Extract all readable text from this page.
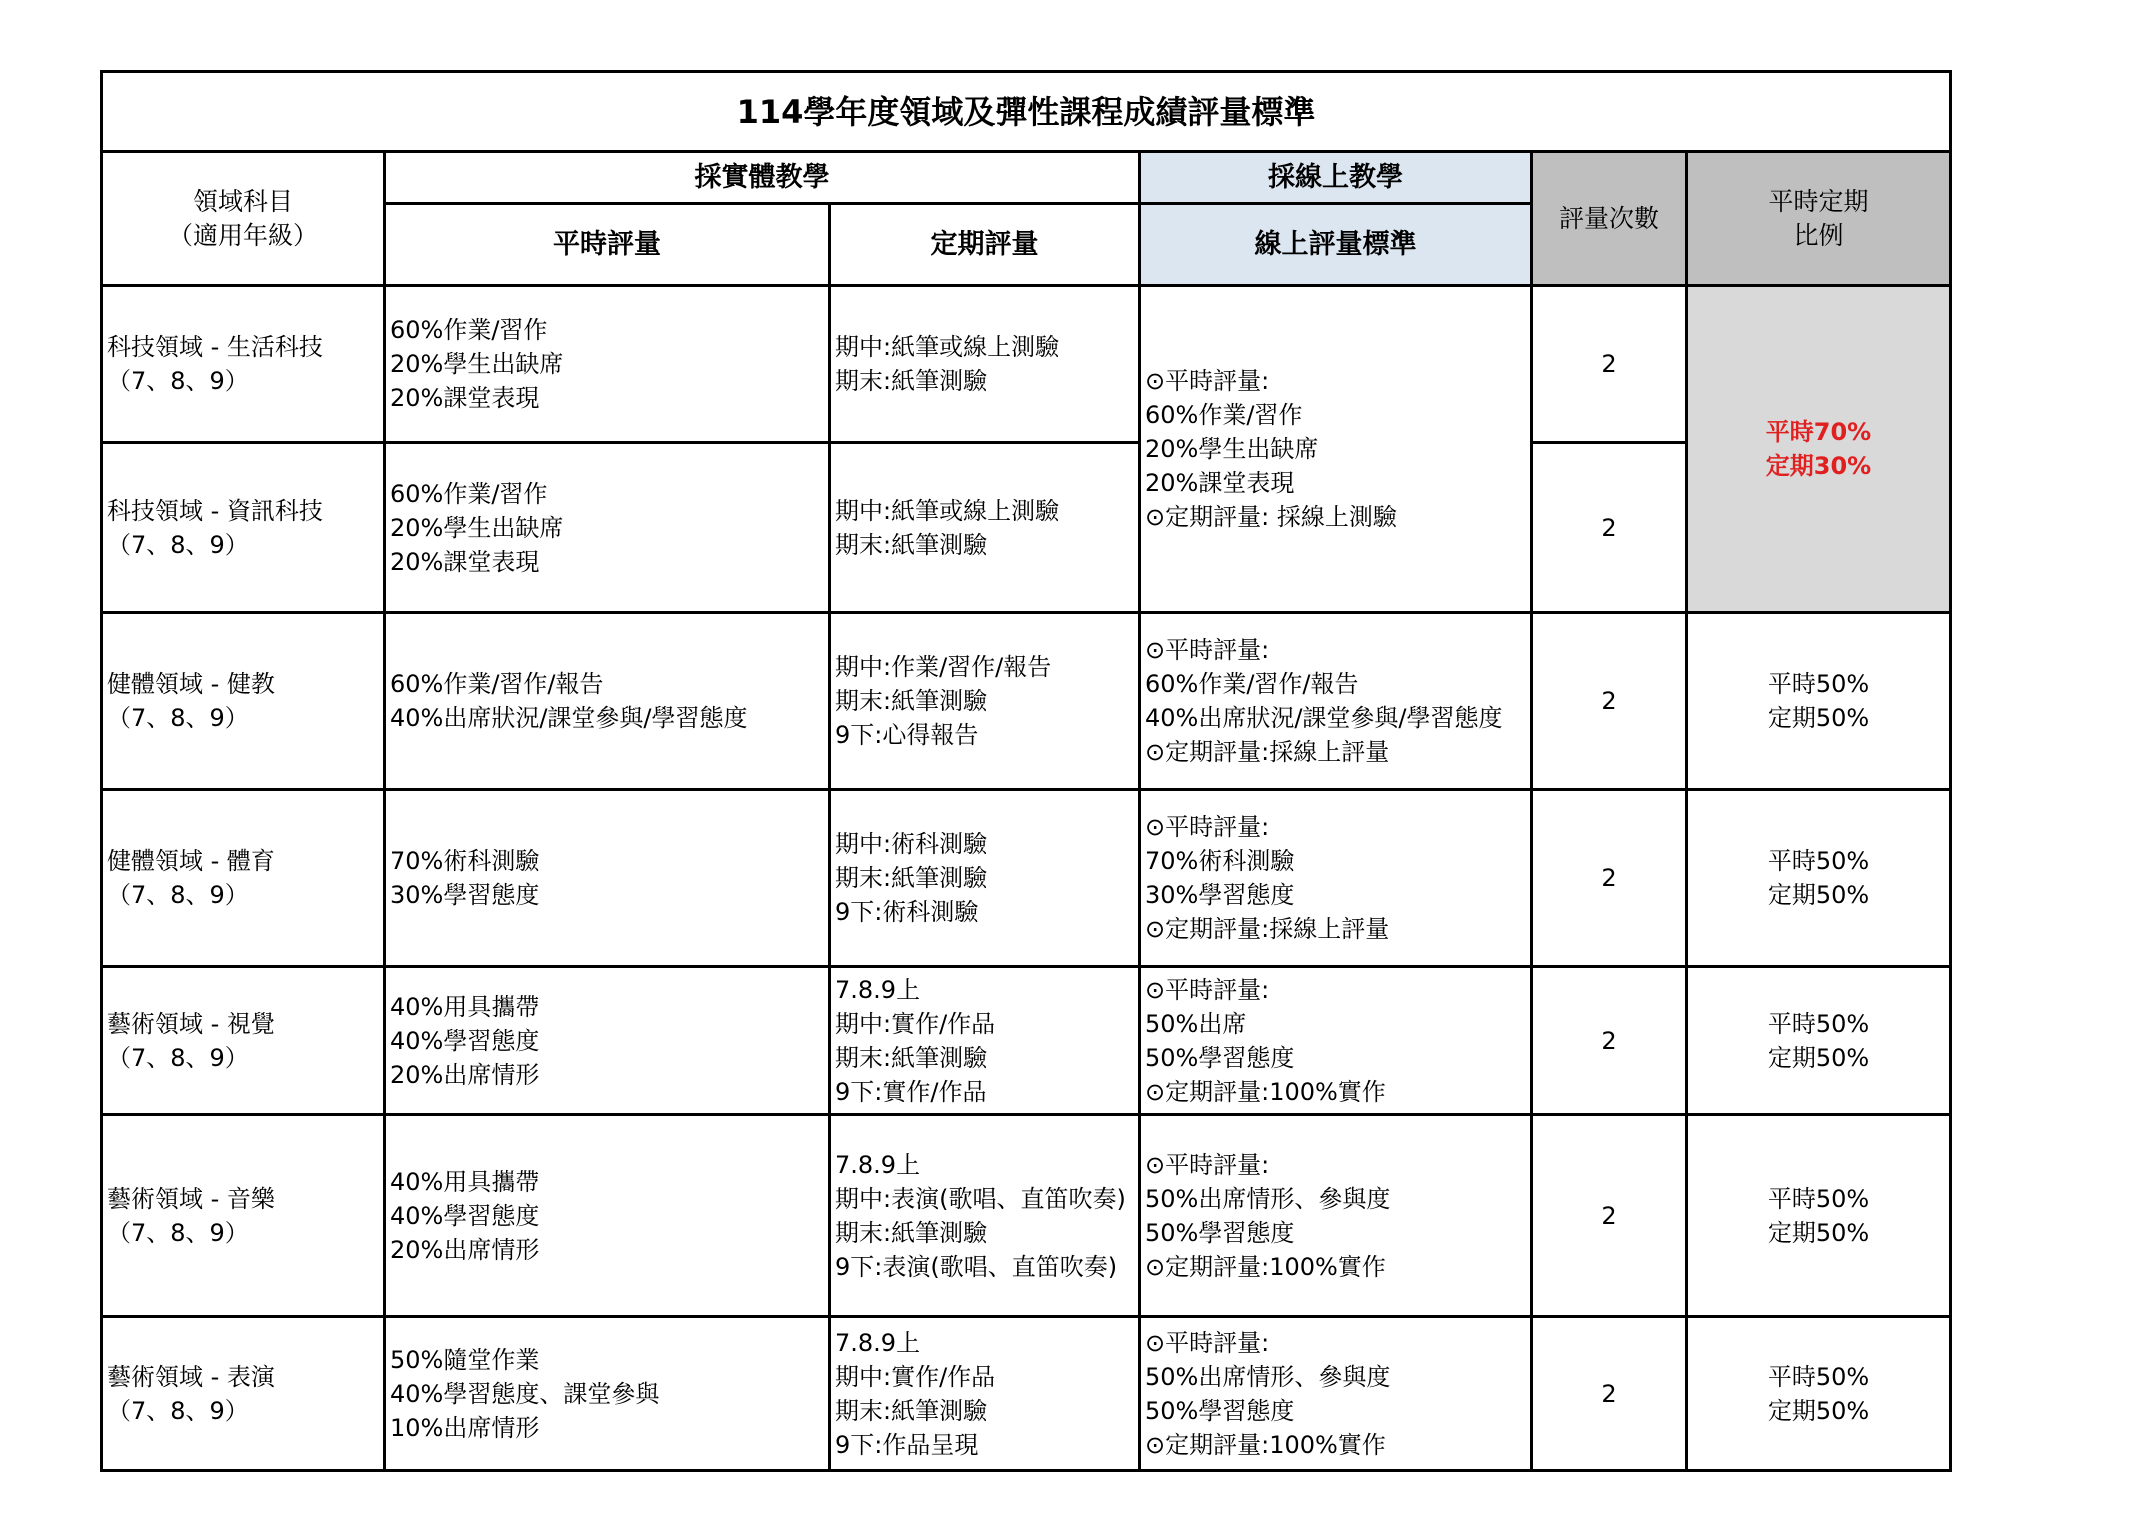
114學年度領域及彈性課程成績評量標準					

領域科目
（適用年級）	採實體教學		採線上教學	評量次數	平時定期
比例

	平時評量	定期評量	線上評量標準		

科技領域 - 生活科技
（7、8、9）	60%作業/習作
20%學生出缺席
20%課堂表現	期中:紙筆或線上測驗
期末:紙筆測驗	⊙平時評量:
60%作業/習作
20%學生出缺席
20%課堂表現
⊙定期評量: 採線上測驗	2	平時70%
定期30%

科技領域 - 資訊科技
（7、8、9）	60%作業/習作
20%學生出缺席
20%課堂表現	期中:紙筆或線上測驗
期末:紙筆測驗		2	

健體領域 - 健教
（7、8、9）	60%作業/習作/報告
40%出席狀況/課堂參與/學習態度	期中:作業/習作/報告
期末:紙筆測驗
9下:心得報告	⊙平時評量:
60%作業/習作/報告
40%出席狀況/課堂參與/學習態度
⊙定期評量:採線上評量	2	平時50%
定期50%

健體領域 - 體育
（7、8、9）	70%術科測驗
30%學習態度	期中:術科測驗
期末:紙筆測驗
9下:術科測驗	⊙平時評量:
70%術科測驗
30%學習態度
⊙定期評量:採線上評量	2	平時50%
定期50%

藝術領域 - 視覺
（7、8、9）	40%用具攜帶
40%學習態度
20%出席情形	7.8.9上
期中:實作/作品
期末:紙筆測驗
9下:實作/作品	⊙平時評量:
50%出席
50%學習態度
⊙定期評量:100%實作	2	平時50%
定期50%

藝術領域 - 音樂
（7、8、9）	40%用具攜帶
40%學習態度
20%出席情形	7.8.9上
期中:表演(歌唱、直笛吹奏)
期末:紙筆測驗
9下:表演(歌唱、直笛吹奏)	⊙平時評量:
50%出席情形、參與度
50%學習態度
⊙定期評量:100%實作	2	平時50%
定期50%

藝術領域 - 表演
（7、8、9）	50%隨堂作業
40%學習態度、課堂參與
10%出席情形	7.8.9上
期中:實作/作品
期末:紙筆測驗
9下:作品呈現	⊙平時評量:
50%出席情形、參與度
50%學習態度
⊙定期評量:100%實作	2	平時50%
定期50%
